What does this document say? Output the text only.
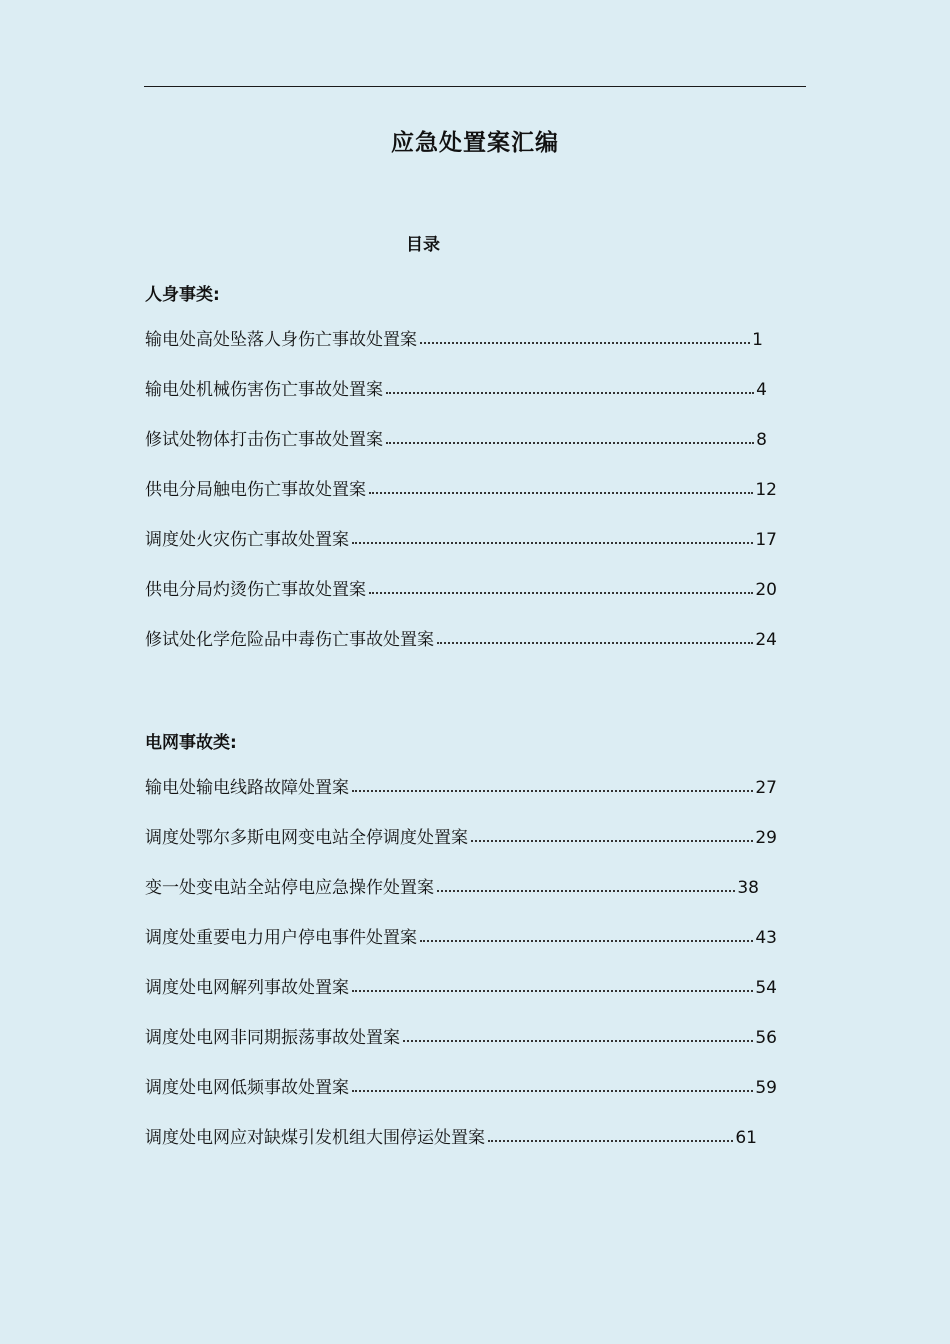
应急处置案汇编
目录
人身事类:
输电处高处坠落人身伤亡事故处置案	1
输电处机械伤害伤亡事故处置案	4
修试处物体打击伤亡事故处置案	8
供电分局触电伤亡事故处置案	12
调度处火灾伤亡事故处置案	17
供电分局灼烫伤亡事故处置案	20
修试处化学危险品中毒伤亡事故处置案	24
电网事故类:
输电处输电线路故障处置案	27
调度处鄂尔多斯电网变电站全停调度处置案	29
变一处变电站全站停电应急操作处置案	38
调度处重要电力用户停电事件处置案	43
调度处电网解列事故处置案	54
调度处电网非同期振荡事故处置案	56
调度处电网低频事故处置案	59
调度处电网应对缺煤引发机组大围停运处置案	61
